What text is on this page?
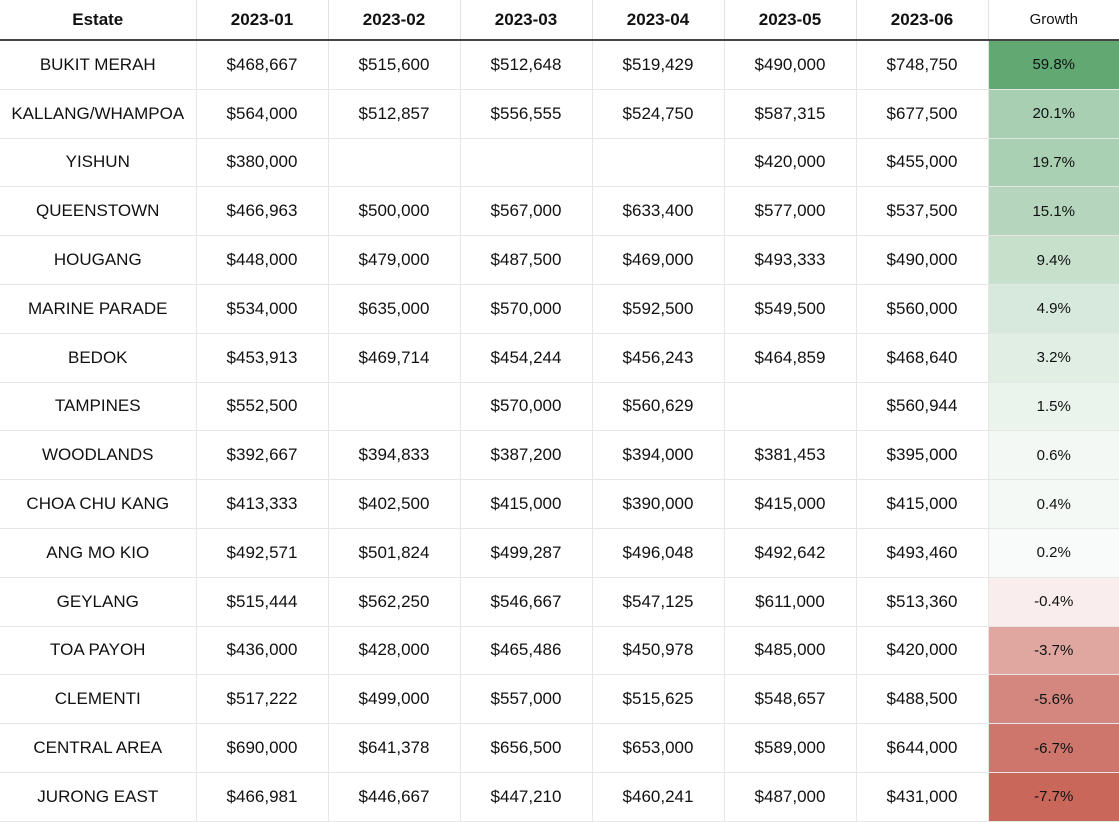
Estate	2023-01	2023-02	2023-03	2023-04	2023-05	2023-06	Growth
BUKIT MERAH	$468,667	$515,600	$512,648	$519,429	$490,000	$748,750	59.8%
KALLANG/WHAMPOA	$564,000	$512,857	$556,555	$524,750	$587,315	$677,500	20.1%
YISHUN	$380,000				$420,000	$455,000	19.7%
QUEENSTOWN	$466,963	$500,000	$567,000	$633,400	$577,000	$537,500	15.1%
HOUGANG	$448,000	$479,000	$487,500	$469,000	$493,333	$490,000	9.4%
MARINE PARADE	$534,000	$635,000	$570,000	$592,500	$549,500	$560,000	4.9%
BEDOK	$453,913	$469,714	$454,244	$456,243	$464,859	$468,640	3.2%
TAMPINES	$552,500		$570,000	$560,629		$560,944	1.5%
WOODLANDS	$392,667	$394,833	$387,200	$394,000	$381,453	$395,000	0.6%
CHOA CHU KANG	$413,333	$402,500	$415,000	$390,000	$415,000	$415,000	0.4%
ANG MO KIO	$492,571	$501,824	$499,287	$496,048	$492,642	$493,460	0.2%
GEYLANG	$515,444	$562,250	$546,667	$547,125	$611,000	$513,360	-0.4%
TOA PAYOH	$436,000	$428,000	$465,486	$450,978	$485,000	$420,000	-3.7%
CLEMENTI	$517,222	$499,000	$557,000	$515,625	$548,657	$488,500	-5.6%
CENTRAL AREA	$690,000	$641,378	$656,500	$653,000	$589,000	$644,000	-6.7%
JURONG EAST	$466,981	$446,667	$447,210	$460,241	$487,000	$431,000	-7.7%
